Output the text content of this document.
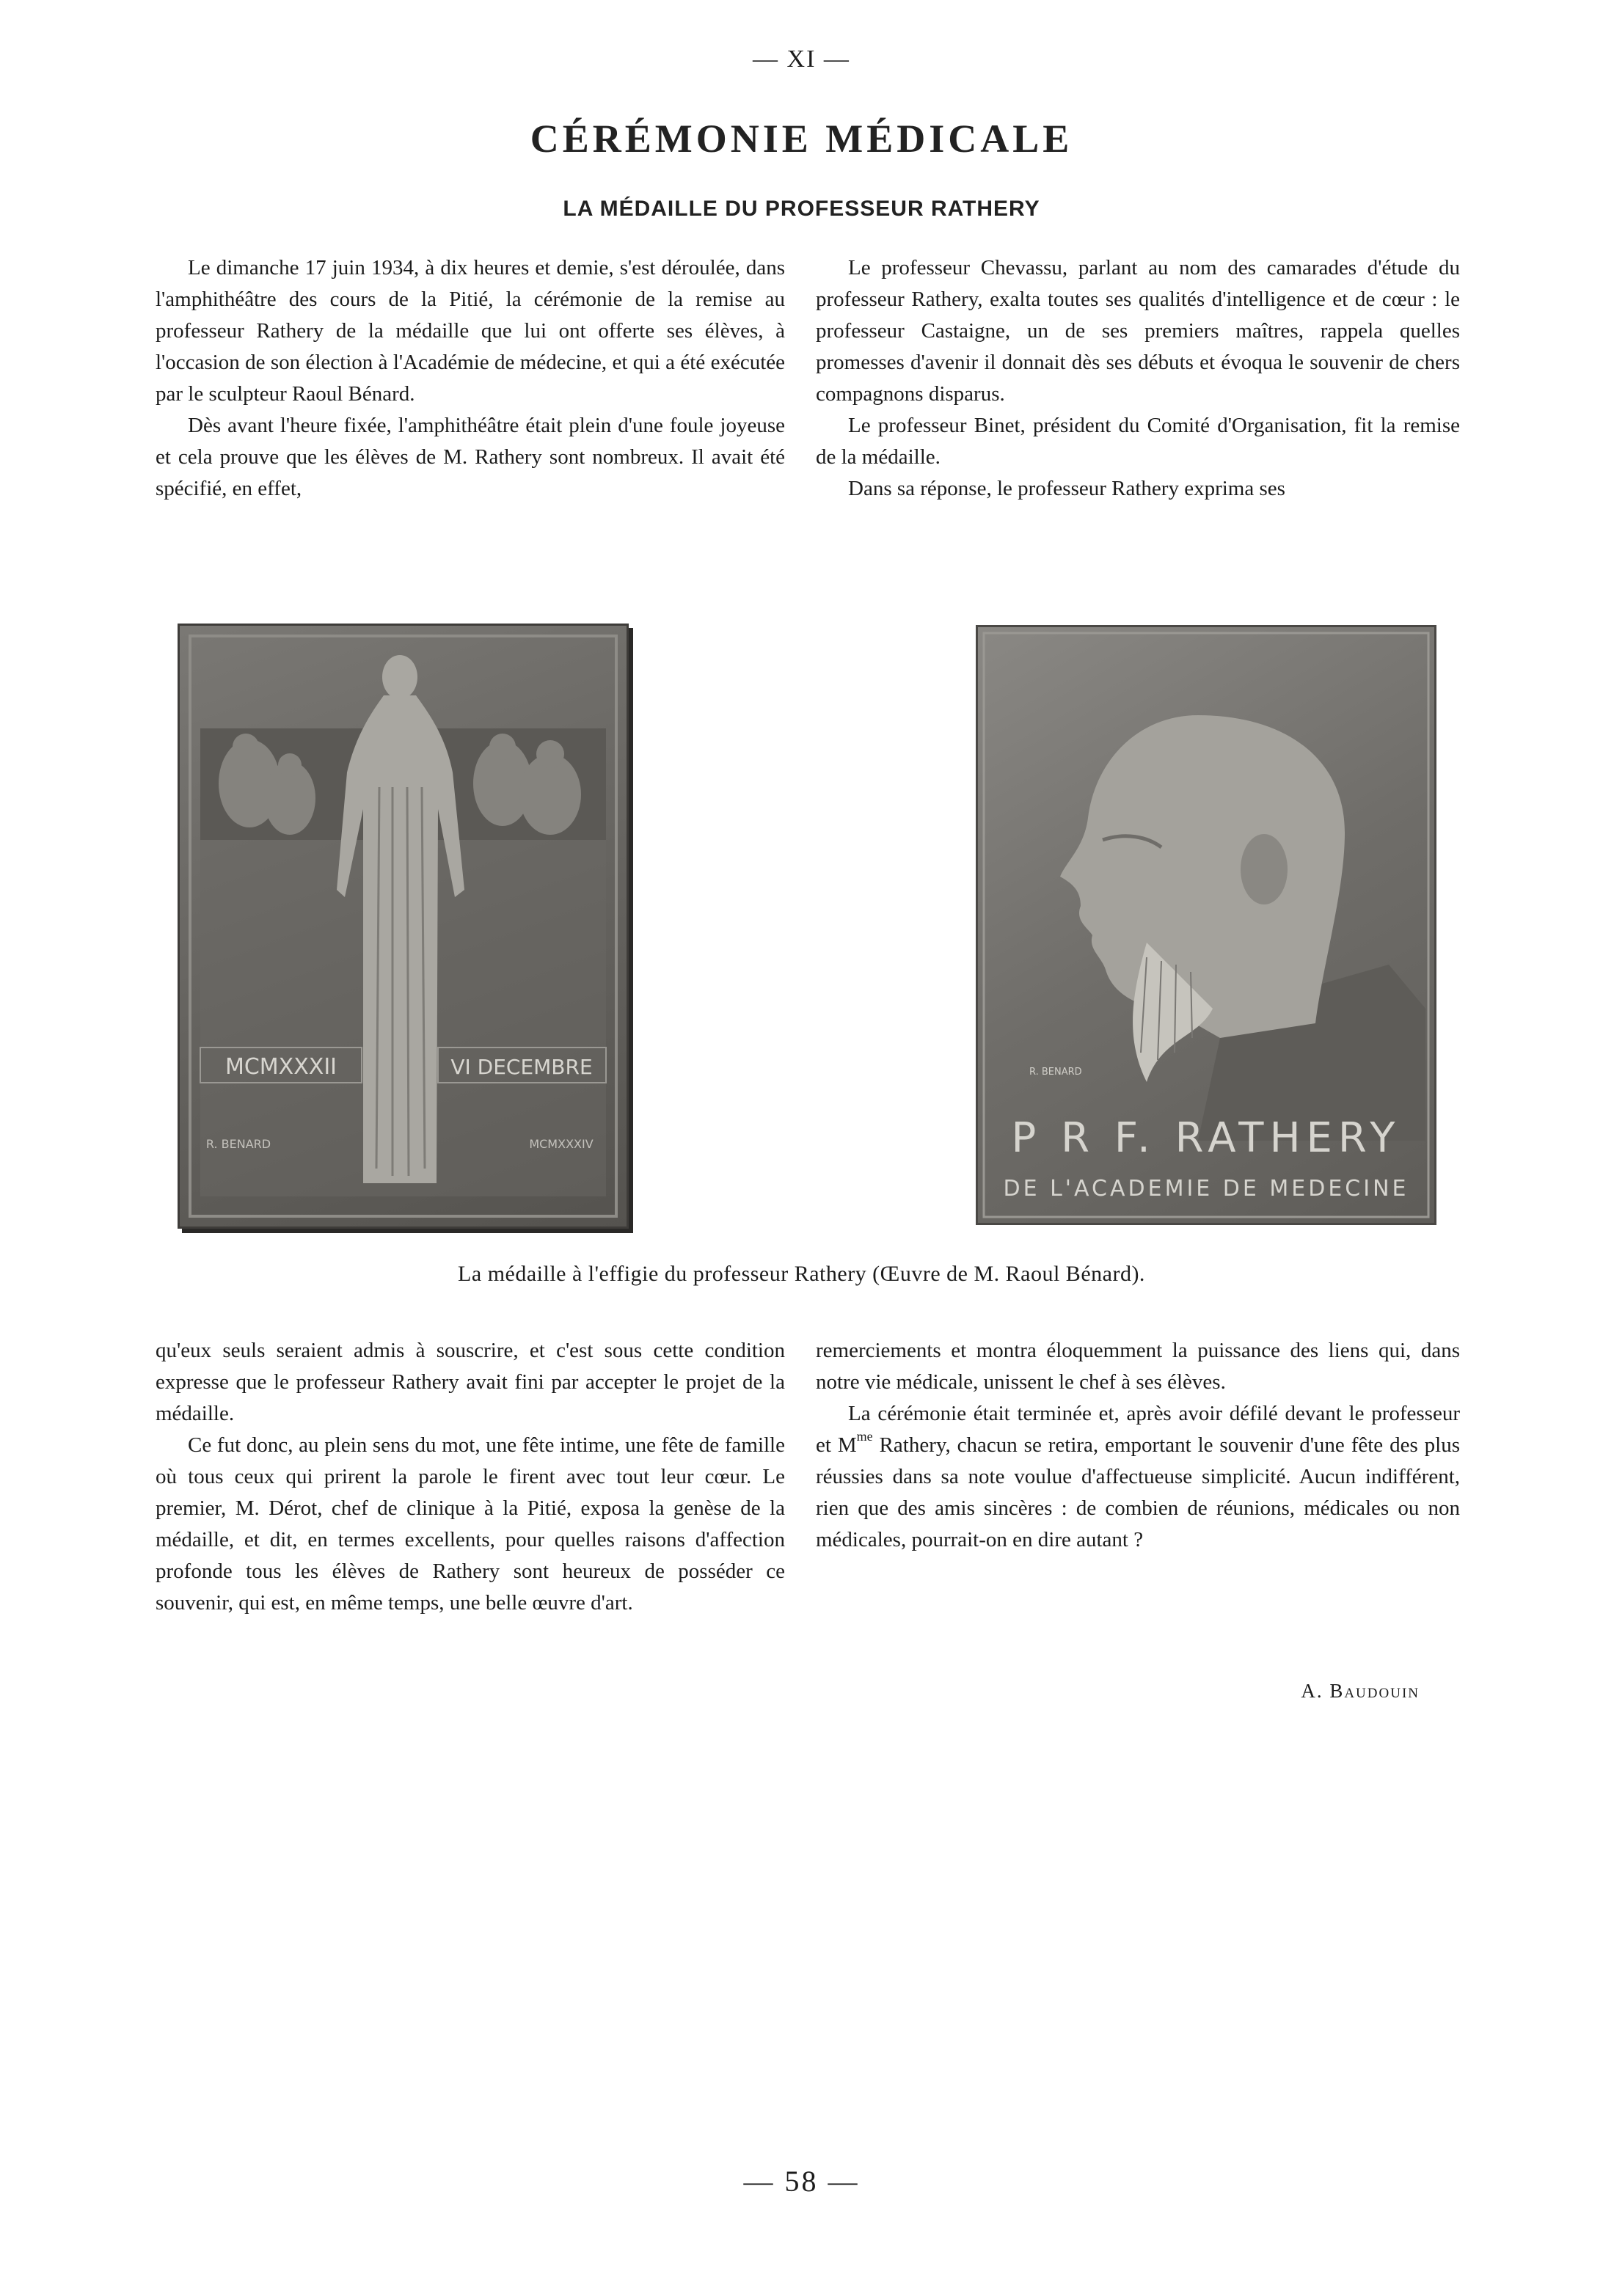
— XI —
CÉRÉMONIE MÉDICALE
LA MÉDAILLE DU PROFESSEUR RATHERY

Le dimanche 17 juin 1934, à dix heures et demie, s'est déroulée, dans l'amphithéâtre des cours de la Pitié, la cérémonie de la remise au professeur Rathery de la médaille que lui ont offerte ses élèves, à l'occasion de son élection à l'Académie de médecine, et qui a été exécutée par le sculpteur Raoul Bénard.

Dès avant l'heure fixée, l'amphithéâtre était plein d'une foule joyeuse et cela prouve que les élèves de M. Rathery sont nombreux. Il avait été spécifié, en effet,

Le professeur Chevassu, parlant au nom des camarades d'étude du professeur Rathery, exalta toutes ses qualités d'intelligence et de cœur : le professeur Castaigne, un de ses premiers maîtres, rappela quelles promesses d'avenir il donnait dès ses débuts et évoqua le souvenir de chers compagnons disparus.

Le professeur Binet, président du Comité d'Organisation, fit la remise de la médaille.

Dans sa réponse, le professeur Rathery exprima ses

MCMXXXII	VI DECEMBRE
R. BENARD	MCMXXXIV
R. BENARD
P R F. RATHERY
DE L'ACADEMIE DE MEDECINE
La médaille à l'effigie du professeur Rathery (Œuvre de M. Raoul Bénard).

qu'eux seuls seraient admis à souscrire, et c'est sous cette condition expresse que le professeur Rathery avait fini par accepter le projet de la médaille.

Ce fut donc, au plein sens du mot, une fête intime, une fête de famille où tous ceux qui prirent la parole le firent avec tout leur cœur. Le premier, M. Dérot, chef de clinique à la Pitié, exposa la genèse de la médaille, et dit, en termes excellents, pour quelles raisons d'affection profonde tous les élèves de Rathery sont heureux de posséder ce souvenir, qui est, en même temps, une belle œuvre d'art.

remerciements et montra éloquemment la puissance des liens qui, dans notre vie médicale, unissent le chef à ses élèves.

La cérémonie était terminée et, après avoir défilé devant le professeur et $M^{me}$ Rathery, chacun se retira, emportant le souvenir d'une fête des plus réussies dans sa note voulue d'affectueuse simplicité. Aucun indifférent, rien que des amis sincères : de combien de réunions, médicales ou non médicales, pourrait-on en dire autant ?

A. Baudouin
— 58 —
